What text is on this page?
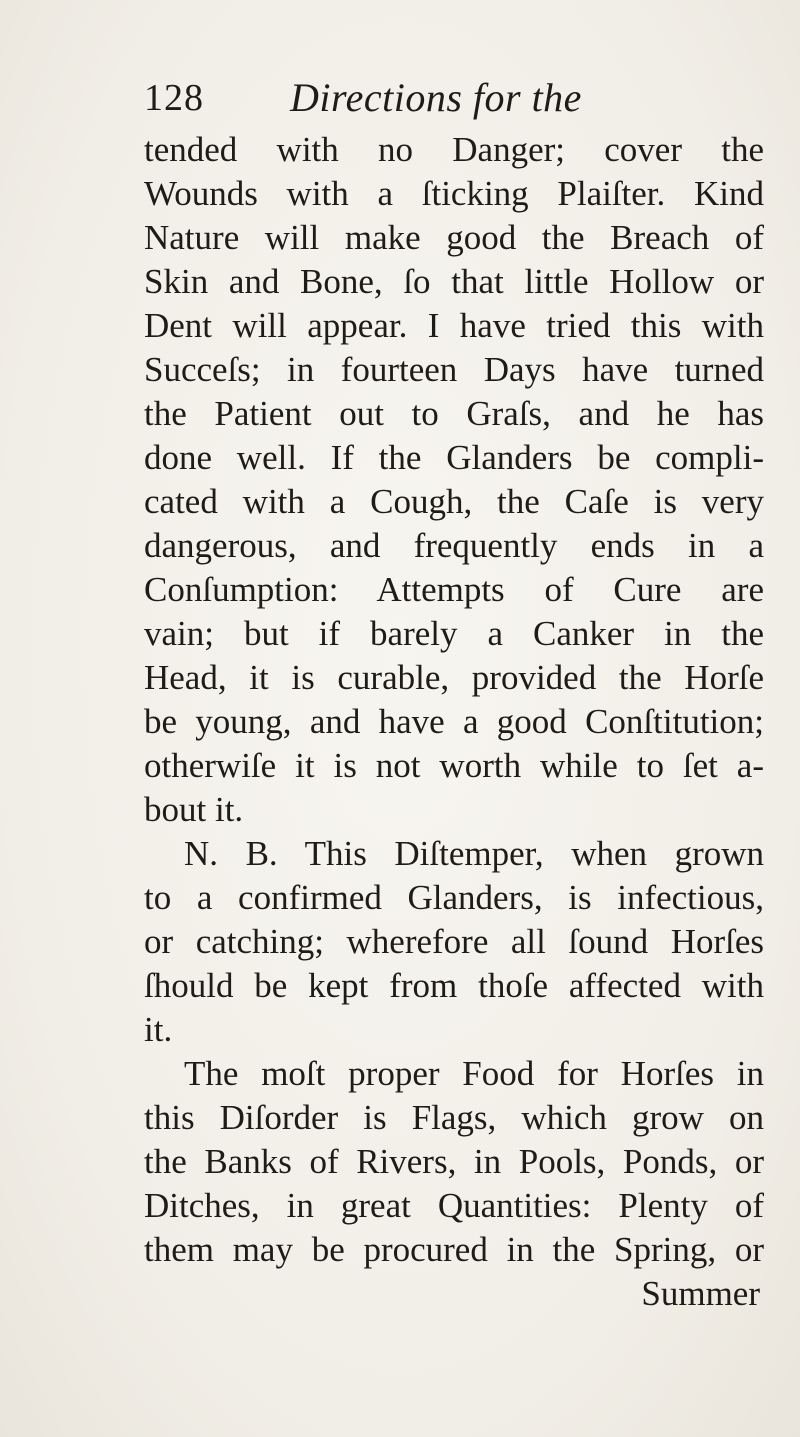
128 Directions for the
tended with no Danger; cover the
Wounds with a ſticking Plaiſter. Kind
Nature will make good the Breach of
Skin and Bone, ſo that little Hollow or
Dent will appear. I have tried this with
Succeſs; in fourteen Days have turned
the Patient out to Graſs, and he has
done well. If the Glanders be compli-
cated with a Cough, the Caſe is very
dangerous, and frequently ends in a
Conſumption: Attempts of Cure are
vain; but if barely a Canker in the
Head, it is curable, provided the Horſe
be young, and have a good Conſtitution;
otherwiſe it is not worth while to ſet a-
bout it.
N. B. This Diſtemper, when grown
to a confirmed Glanders, is infectious,
or catching; wherefore all ſound Horſes
ſhould be kept from thoſe affected with
it.
The moſt proper Food for Horſes in
this Diſorder is Flags, which grow on
the Banks of Rivers, in Pools, Ponds, or
Ditches, in great Quantities: Plenty of
them may be procured in the Spring, or
Summer
